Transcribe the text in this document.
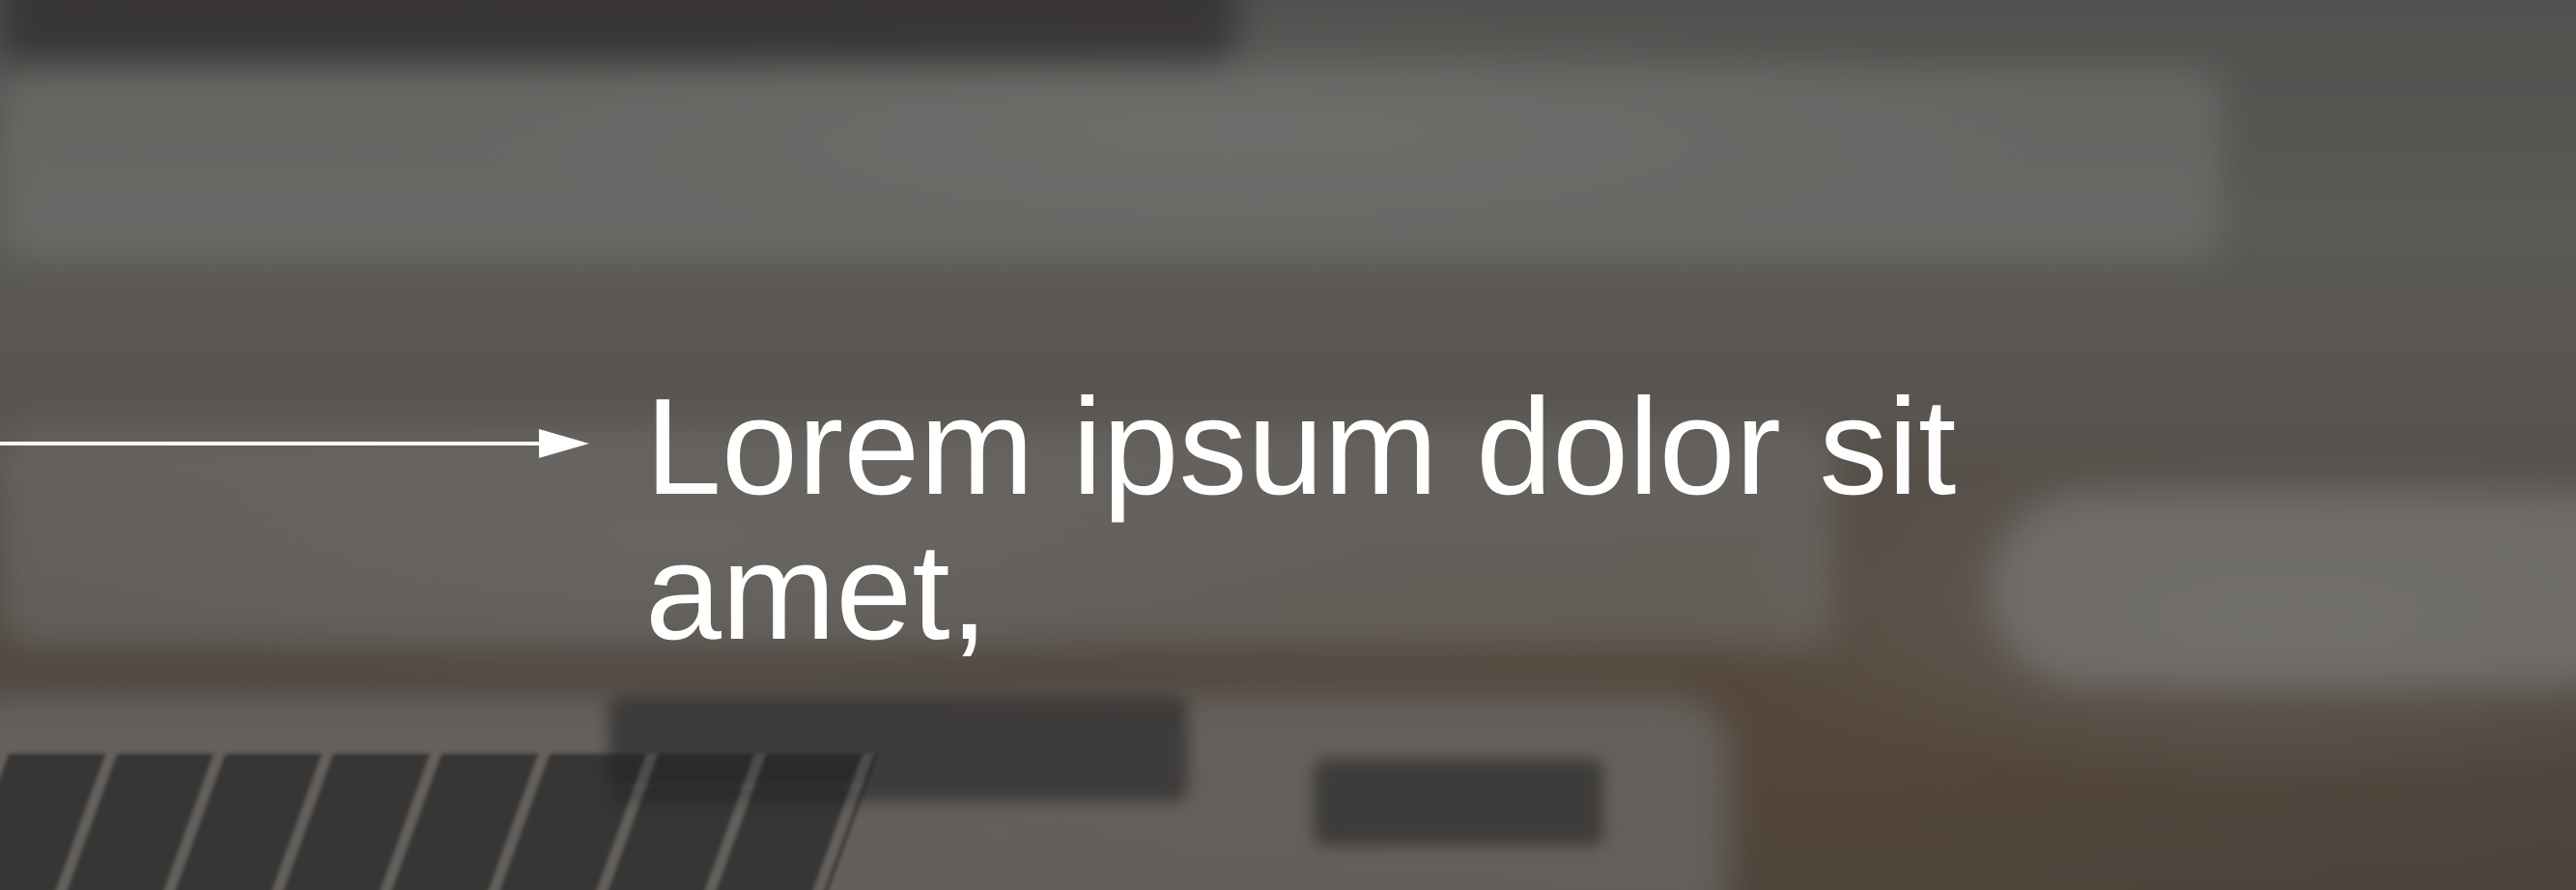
Lorem ipsum dolor sit amet,
